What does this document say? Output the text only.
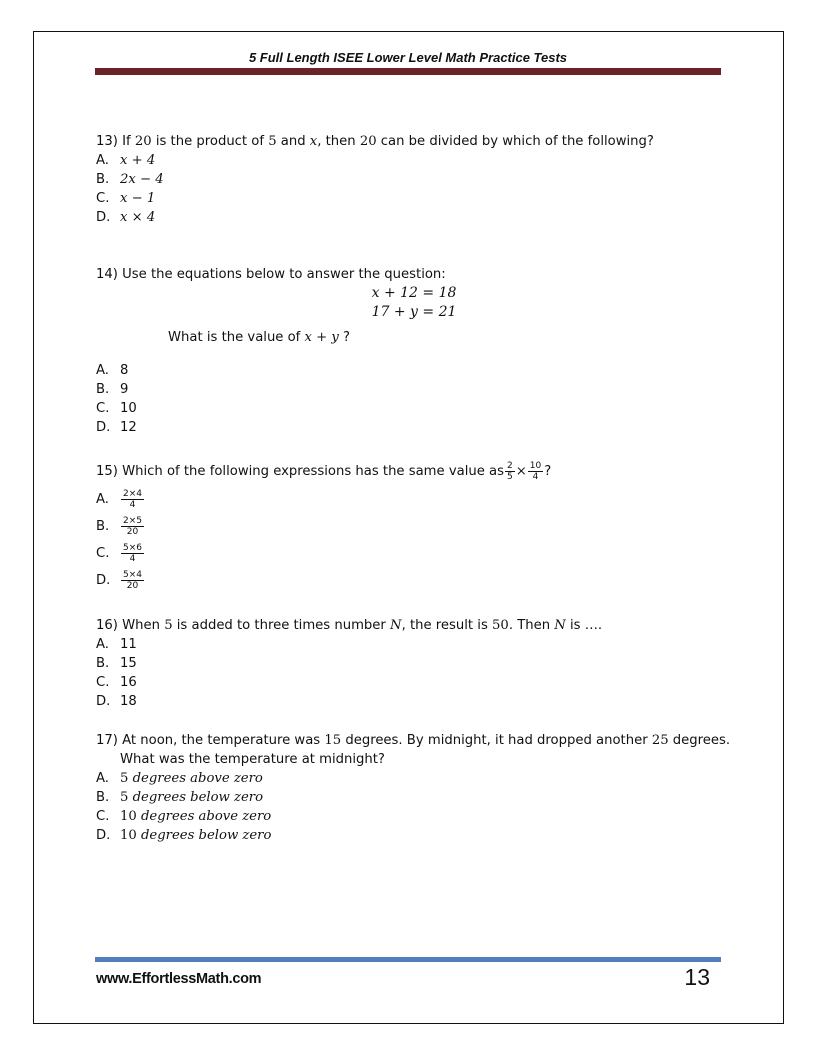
5 Full Length ISEE Lower Level Math Practice Tests
13) If 20 is the product of 5 and x, then 20 can be divided by which of the following?
A. x + 4
B. 2x − 4
C. x − 1
D. x × 4
14) Use the equations below to answer the question:
x + 12 = 18
17 + y = 21
What is the value of x + y ?
A. 8
B. 9
C. 10
D. 12
15) Which of the following expressions has the same value as $\frac{2}{5} \times \frac{10}{4}$ ?
A.	$\frac{2\times 4}{4}$
B.	$\frac{2\times 5}{20}$
C.	$\frac{5\times 6}{4}$
D.	$\frac{5\times 4}{20}$
16) When 5 is added to three times number N, the result is 50. Then N is ….
A. 11
B. 15
C. 16
D. 18
17) At noon, the temperature was 15 degrees. By midnight, it had dropped another 25 degrees.
What was the temperature at midnight?
A. 5
degrees above zero
B. 5
degrees below zero
C. 10
degrees above zero
D. 10
degrees below zero
www.EffortlessMath.com	13
